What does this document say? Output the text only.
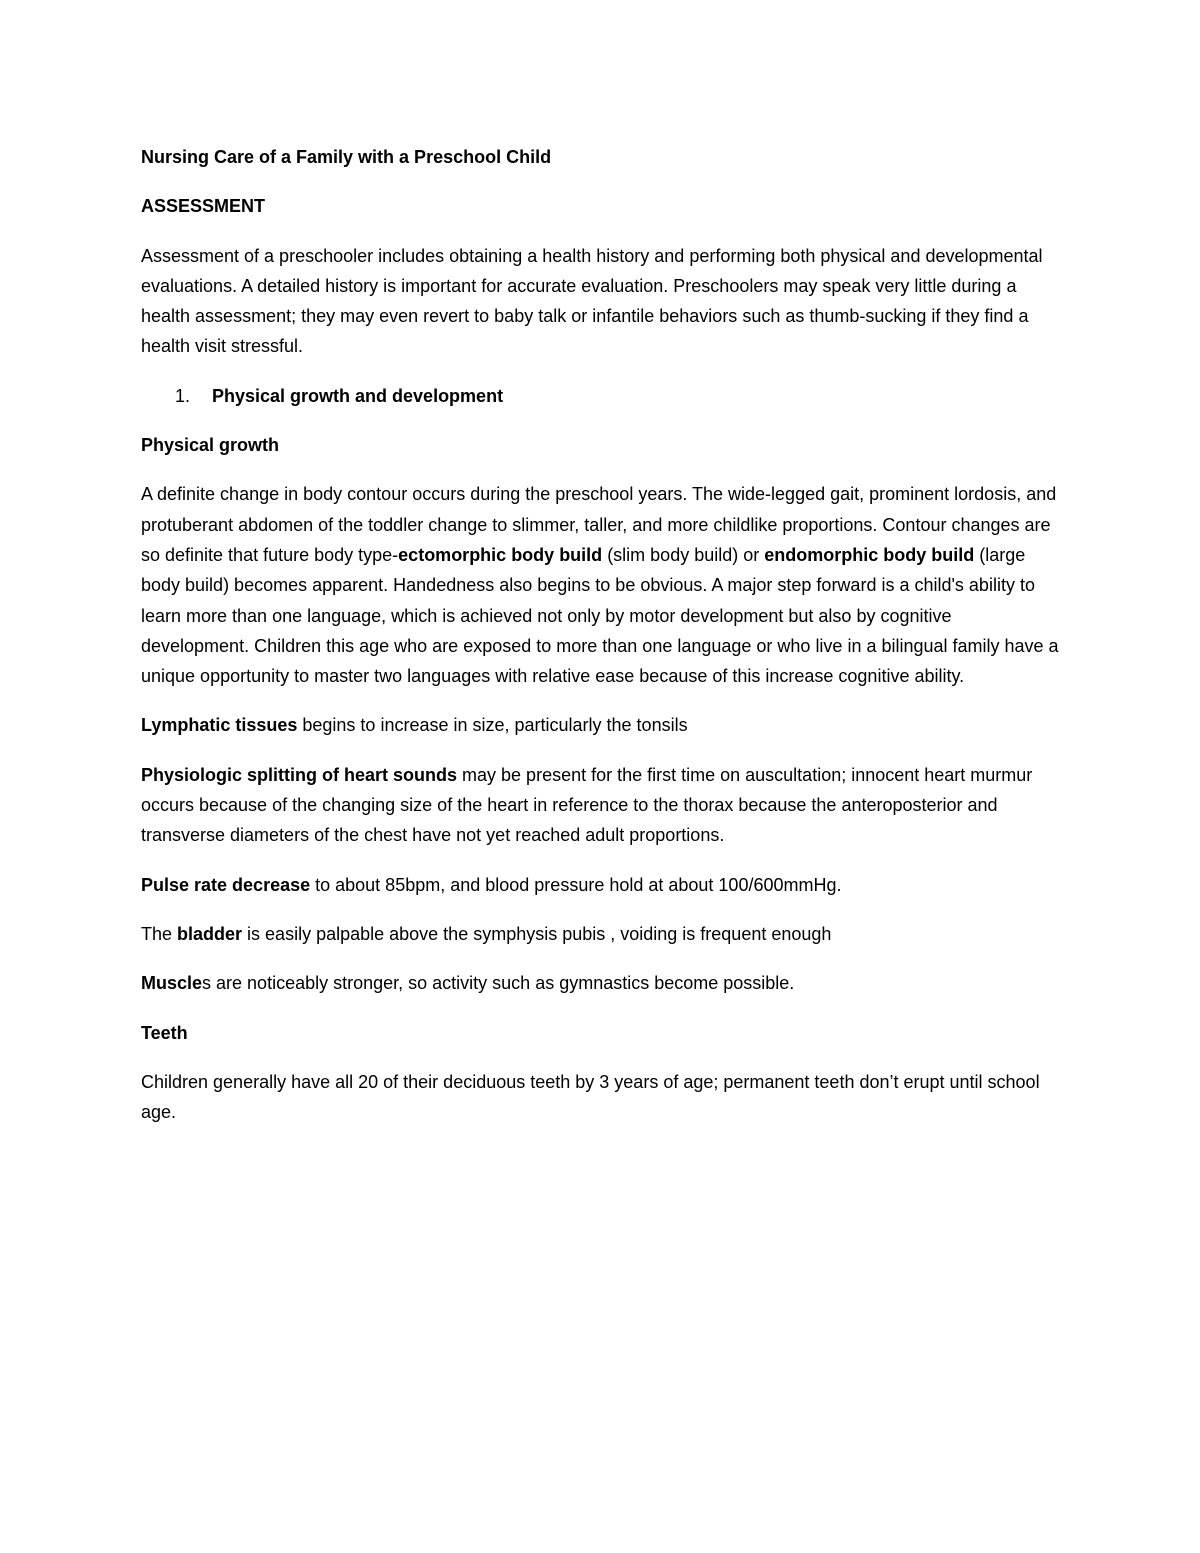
Nursing Care of a Family with a Preschool Child

ASSESSMENT

Assessment of a preschooler includes obtaining a health history and performing both physical and developmental evaluations. A detailed history is important for accurate evaluation. Preschoolers may speak very little during a health assessment; they may even revert to baby talk or infantile behaviors such as thumb-sucking if they find a health visit stressful.

1. Physical growth and development

Physical growth

A definite change in body contour occurs during the preschool years. The wide-legged gait, prominent lordosis, and protuberant abdomen of the toddler change to slimmer, taller, and more childlike proportions. Contour changes are so definite that future body type-ectomorphic body build (slim body build) or endomorphic body build (large body build) becomes apparent. Handedness also begins to be obvious. A major step forward is a child's ability to learn more than one language, which is achieved not only by motor development but also by cognitive development. Children this age who are exposed to more than one language or who live in a bilingual family have a unique opportunity to master two languages with relative ease because of this increase cognitive ability.

Lymphatic tissues begins to increase in size, particularly the tonsils

Physiologic splitting of heart sounds may be present for the first time on auscultation; innocent heart murmur occurs because of the changing size of the heart in reference to the thorax because the anteroposterior and transverse diameters of the chest have not yet reached adult proportions.

Pulse rate decrease to about 85bpm, and blood pressure hold at about 100/600mmHg.

The bladder is easily palpable above the symphysis pubis , voiding is frequent enough

Muscles are noticeably stronger, so activity such as gymnastics become possible.

Teeth

Children generally have all 20 of their deciduous teeth by 3 years of age; permanent teeth don’t erupt until school age.
